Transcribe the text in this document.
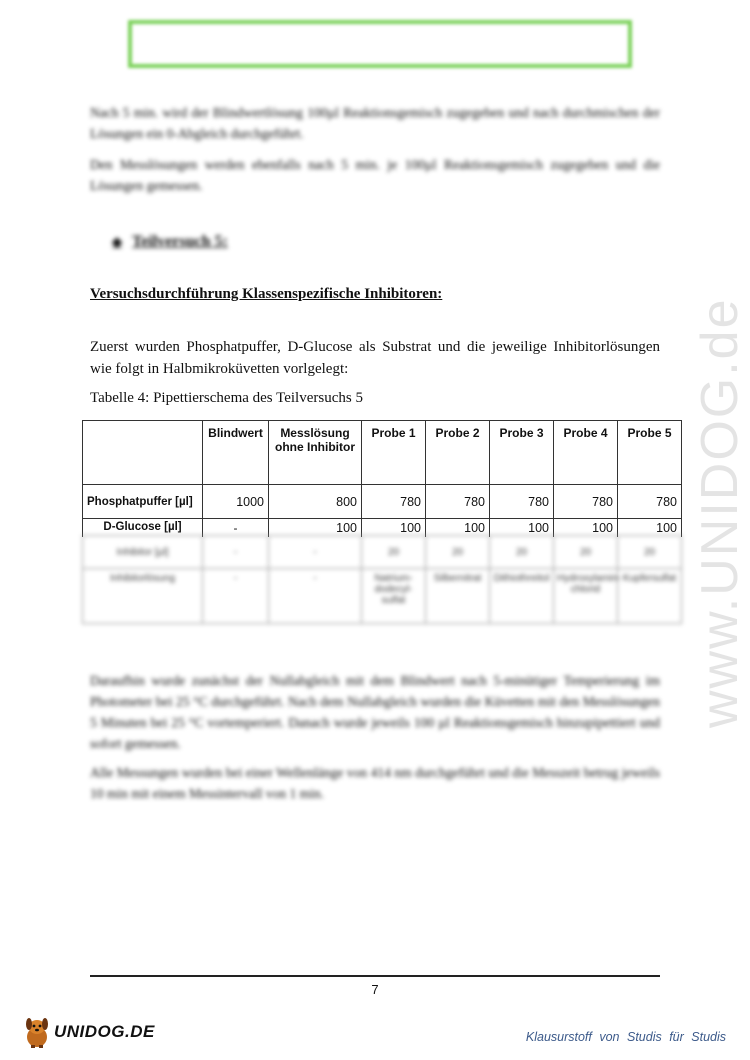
Nach 5 min. wird der Blindwertlösung 100µl Reaktionsgemisch zugegeben und nach durchmischen der Lösungen ein 0-Abgleich durchgeführt.

Den Messlösungen werden ebenfalls nach 5 min. je 100µl Reaktionsgemisch zugegeben und die Lösungen gemessen.

◆ Teilversuch 5:
Versuchsdurchführung Klassenspezifische Inhibitoren:
Zuerst wurden Phosphatpuffer, D-Glucose als Substrat und die jeweilige Inhibitorlösungen wie folgt in Halbmikroküvetten vorlgelegt:
Tabelle 4: Pipettierschema des Teilversuchs 5
	Blindwert	Messlösung ohne Inhibitor	Probe 1	Probe 2	Probe 3	Probe 4	Probe 5
Phosphatpuffer [µl]	1000	800	780	780	780	780	780
D-Glucose [µl]	-	100	100	100	100	100	100
Inhibitor [µl]	-	-	20	20	20	20	20
Inhibitorlösung	-	-	Natrium-dodecyl-sulfat	Silbernitrat	Dithiothreitol	Hydroxylamin-chlorid	Kupfersulfat

Daraufhin wurde zunächst der Nullabgleich mit dem Blindwert nach 5-minütiger Temperierung im Photometer bei 25 °C durchgeführt. Nach dem Nullabgleich wurden die Küvetten mit den Messlösungen 5 Minuten bei 25 °C vortemperiert. Danach wurde jeweils 100 µl Reaktionsgemisch hinzupipettiert und sofort gemessen.

Alle Messungen wurden bei einer Wellenlänge von 414 nm durchgeführt und die Messzeit betrug jeweils 10 min mit einem Messintervall von 1 min.

www.UNIDOG.de
7
UNIDOG.DE	Klausurstoff von Studis für Studis
